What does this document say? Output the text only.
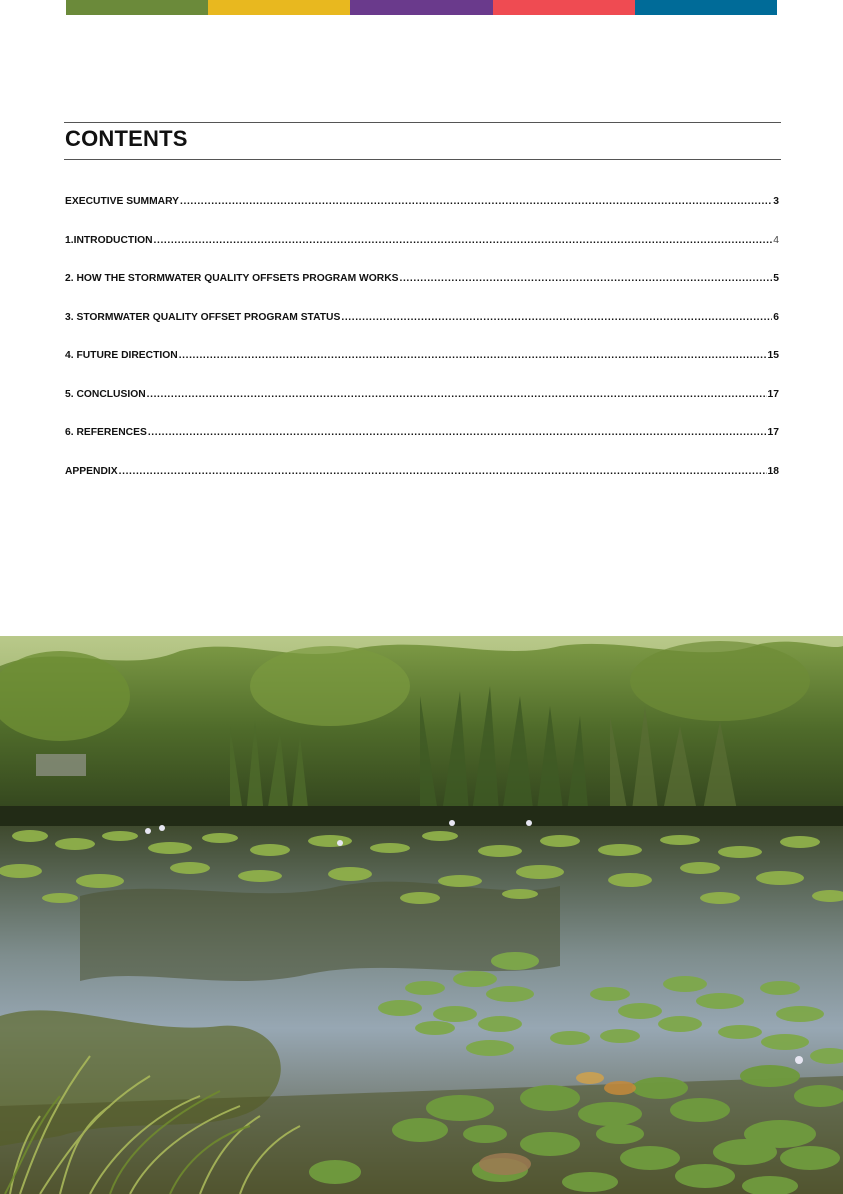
CONTENTS
EXECUTIVE SUMMARY .....	3
1.INTRODUCTION .....	4
2. HOW THE STORMWATER QUALITY OFFSETS PROGRAM WORKS .....	5
3. STORMWATER QUALITY OFFSET PROGRAM STATUS .....	6
4. FUTURE DIRECTION .....	15
5. CONCLUSION .....	17
6. REFERENCES .....	17
APPENDIX .....	18
